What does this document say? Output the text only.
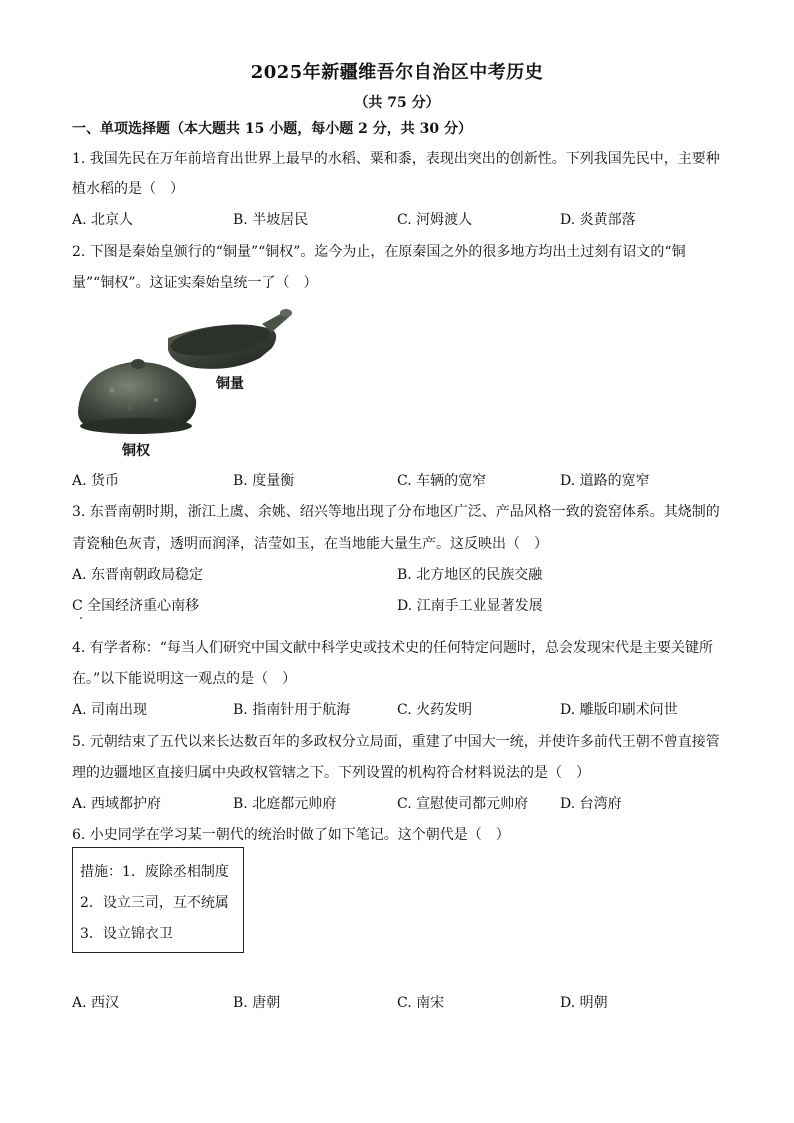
2025年新疆维吾尔自治区中考历史
（共 75 分）
一、单项选择题（本大题共 15 小题，每小题 2 分，共 30 分）
1. 我国先民在万年前培育出世界上最早的水稻、粟和黍，表现出突出的创新性。下列我国先民中，主要种
植水稻的是（　）
A. 北京人	B. 半坡居民	C. 河姆渡人	D. 炎黄部落
2. 下图是秦始皇颁行的“铜量”“铜权”。迄今为止，在原秦国之外的很多地方均出土过刻有诏文的“铜
量”“铜权”。这证实秦始皇统一了（　）
铜量
铜权
A. 货币	B. 度量衡	C. 车辆的宽窄	D. 道路的宽窄
3. 东晋南朝时期，浙江上虞、余姚、绍兴等地出现了分布地区广泛、产品风格一致的瓷窑体系。其烧制的
青瓷釉色灰青，透明而润泽，洁莹如玉，在当地能大量生产。这反映出（　）
A. 东晋南朝政局稳定	B. 北方地区的民族交融
C 全国经济重心南移	D. 江南手工业显著发展
4. 有学者称：“每当人们研究中国文献中科学史或技术史的任何特定问题时，总会发现宋代是主要关键所
在。”以下能说明这一观点的是（　）
A. 司南出现	B. 指南针用于航海	C. 火药发明	D. 雕版印刷术问世
5. 元朝结束了五代以来长达数百年的多政权分立局面，重建了中国大一统，并使许多前代王朝不曾直接管
理的边疆地区直接归属中央政权管辖之下。下列设置的机构符合材料说法的是（　）
A. 西域都护府	B. 北庭都元帅府	C. 宣慰使司都元帅府 D. 台湾府
6. 小史同学在学习某一朝代的统治时做了如下笔记。这个朝代是（　）
措施：1．废除丞相制度
2．设立三司，互不统属
3．设立锦衣卫
A. 西汉	B. 唐朝	C. 南宋	D. 明朝
